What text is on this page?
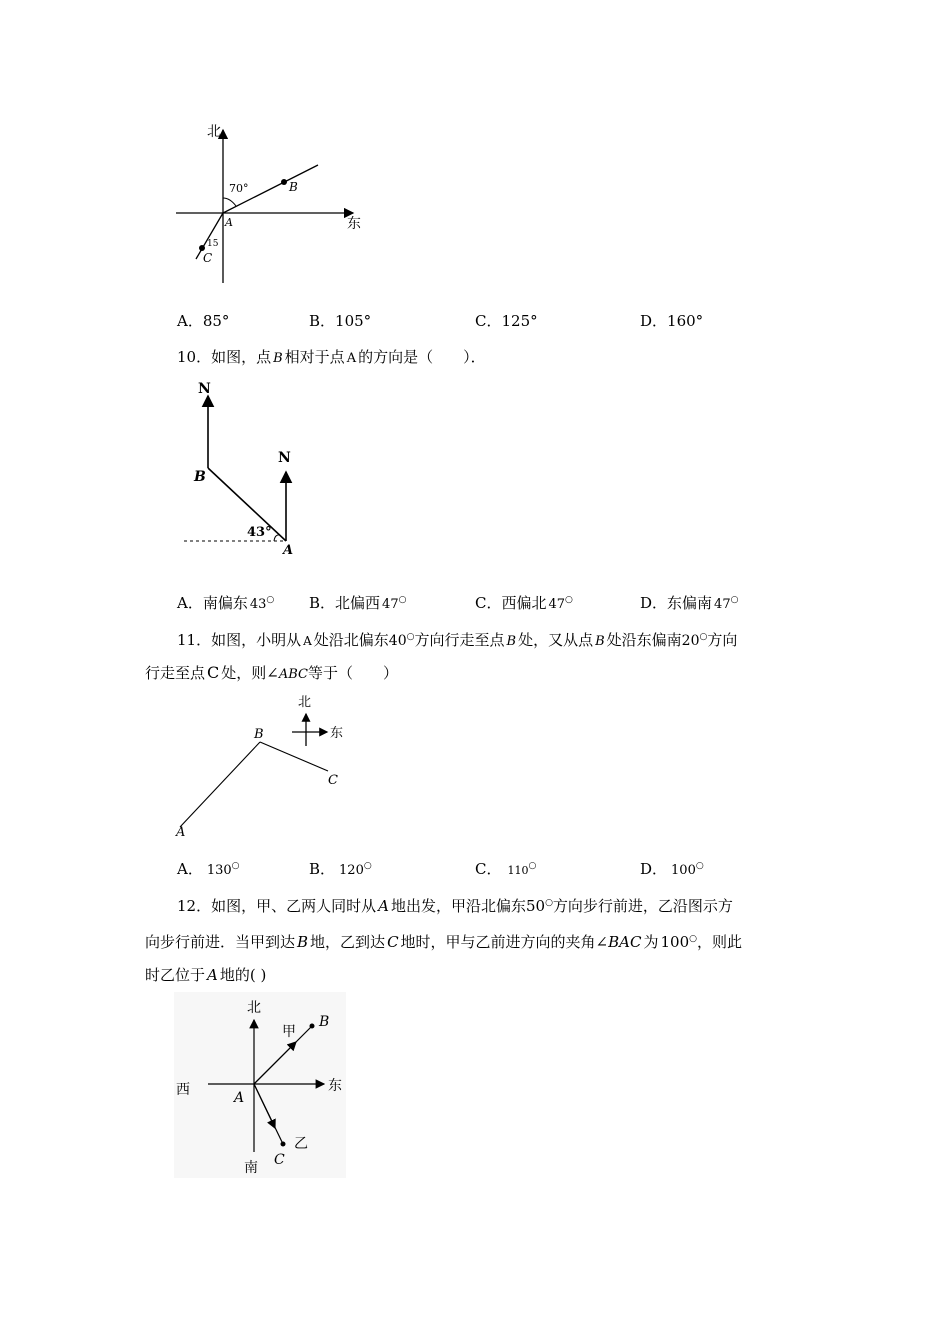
北
东
70°
15
A
B
C
A．85°	B．105°	C．125°	D．160°
10．如图，点 B 相对于点 A 的方向是（　　）．
N
N
B
A
43°
A．南偏东 43○ B．北偏西 47○	C．西偏北 47○	D．东偏南 47○
11．如图，小明从 A 处沿北偏东40○方向行走至点 B 处，又从点 B 处沿东偏南20○方向
行走至点 C 处，则∠ABC等于（　　）
北
东
A
B
C
A． 130○	B． 120○	C． 110○	D． 100○
12．如图，甲、乙两人同时从 A 地出发，甲沿北偏东50○方向步行前进，乙沿图示方
向步行前进．当甲到达 B 地，乙到达 C 地时，甲与乙前进方向的夹角∠BAC 为 100○，则此
时乙位于 A 地的( )
北
南
东
西
甲
乙
A
B
C
